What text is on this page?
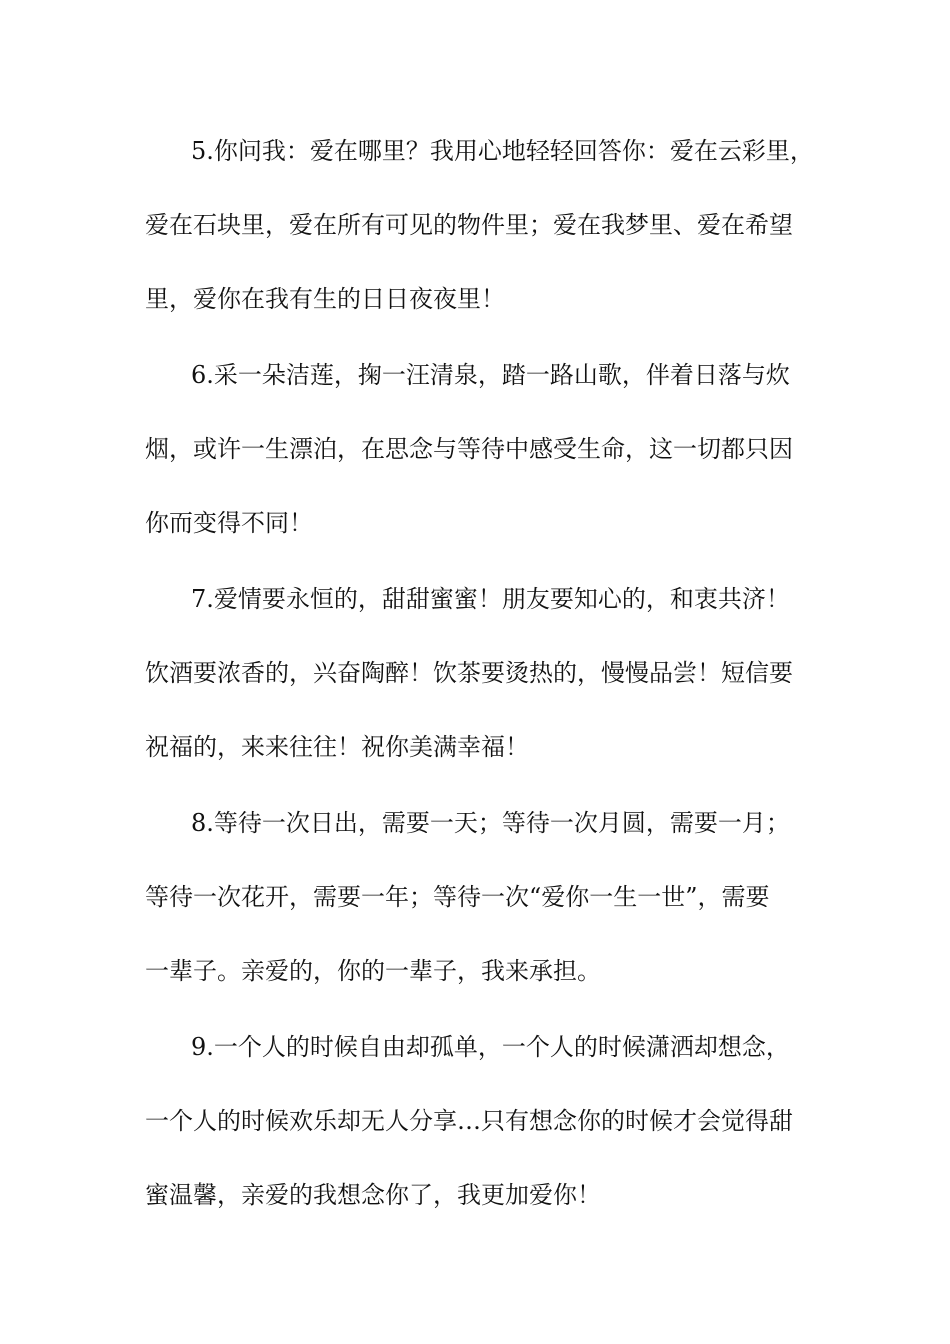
5.你问我：爱在哪里？我用心地轻轻回答你：爱在云彩里，
爱在石块里，爱在所有可见的物件里；爱在我梦里、爱在希望
里，爱你在我有生的日日夜夜里！
6.采一朵洁莲，掬一汪清泉，踏一路山歌，伴着日落与炊
烟，或许一生漂泊，在思念与等待中感受生命，这一切都只因
你而变得不同！
7.爱情要永恒的，甜甜蜜蜜！朋友要知心的，和衷共济！
饮酒要浓香的，兴奋陶醉！饮茶要烫热的，慢慢品尝！短信要
祝福的，来来往往！祝你美满幸福！
8.等待一次日出，需要一天；等待一次月圆，需要一月；
等待一次花开，需要一年；等待一次“爱你一生一世”，需要
一辈子。亲爱的，你的一辈子，我来承担。
9.一个人的时候自由却孤单，一个人的时候潇洒却想念，
一个人的时候欢乐却无人分享…只有想念你的时候才会觉得甜
蜜温馨，亲爱的我想念你了，我更加爱你！
